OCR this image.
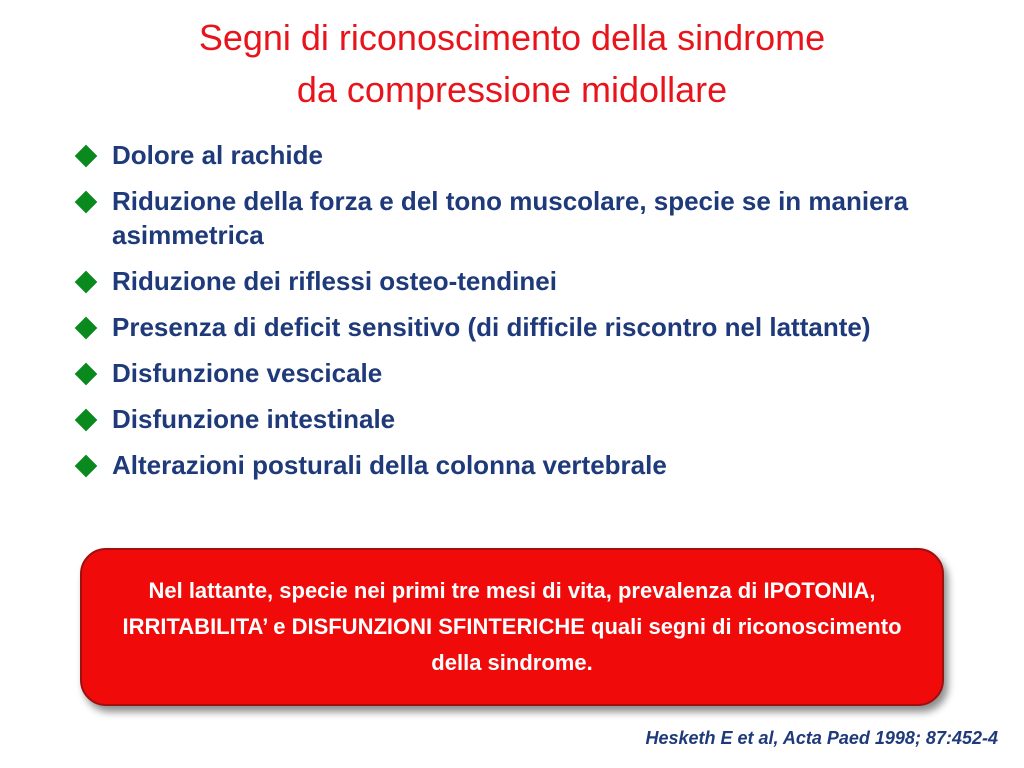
Segni di riconoscimento della sindrome
da compressione midollare
Dolore al rachide
Riduzione della forza e del tono muscolare, specie se in maniera asimmetrica
Riduzione dei riflessi osteo-tendinei
Presenza di deficit sensitivo (di difficile riscontro nel lattante)
Disfunzione vescicale
Disfunzione intestinale
Alterazioni posturali della colonna vertebrale
Nel lattante, specie nei primi tre mesi di vita, prevalenza di IPOTONIA, IRRITABILITA’ e DISFUNZIONI SFINTERICHE quali segni di riconoscimento della sindrome.
Hesketh E et al, Acta Paed 1998; 87:452-4
